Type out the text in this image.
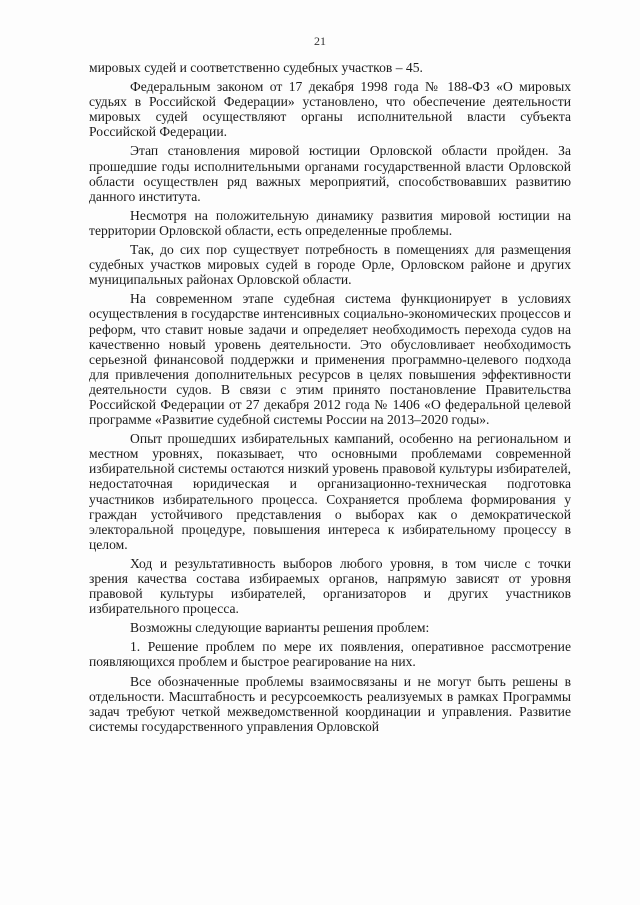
21

мировых судей и соответственно судебных участков – 45.

Федеральным законом от 17 декабря 1998 года № 188-ФЗ «О мировых судьях в Российской Федерации» установлено, что обеспечение деятельности мировых судей осуществляют органы исполнительной власти субъекта Российской Федерации.

Этап становления мировой юстиции Орловской области пройден. За прошедшие годы исполнительными органами государственной власти Орловской области осуществлен ряд важных мероприятий, способствовавших развитию данного института.

Несмотря на положительную динамику развития мировой юстиции на территории Орловской области, есть определенные проблемы.

Так, до сих пор существует потребность в помещениях для размещения судебных участков мировых судей в городе Орле, Орловском районе и других муниципальных районах Орловской области.

На современном этапе судебная система функционирует в условиях осуществления в государстве интенсивных социально-экономических процессов и реформ, что ставит новые задачи и определяет необходимость перехода судов на качественно новый уровень деятельности. Это обусловливает необходимость серьезной финансовой поддержки и применения программно-целевого подхода для привлечения дополнительных ресурсов в целях повышения эффективности деятельности судов. В связи с этим принято постановление Правительства Российской Федерации от 27 декабря 2012 года № 1406 «О федеральной целевой программе «Развитие судебной системы России на 2013–2020 годы».

Опыт прошедших избирательных кампаний, особенно на региональном и местном уровнях, показывает, что основными проблемами современной избирательной системы остаются низкий уровень правовой культуры избирателей, недостаточная юридическая и организационно-техническая подготовка участников избирательного процесса. Сохраняется проблема формирования у граждан устойчивого представления о выборах как о демократической электоральной процедуре, повышения интереса к избирательному процессу в целом.

Ход и результативность выборов любого уровня, в том числе с точки зрения качества состава избираемых органов, напрямую зависят от уровня правовой культуры избирателей, организаторов и других участников избирательного процесса.

Возможны следующие варианты решения проблем:

1. Решение проблем по мере их появления, оперативное рассмотрение появляющихся проблем и быстрое реагирование на них.

Все обозначенные проблемы взаимосвязаны и не могут быть решены в отдельности. Масштабность и ресурсоемкость реализуемых в рамках Программы задач требуют четкой межведомственной координации и управления. Развитие системы государственного управления Орловской
